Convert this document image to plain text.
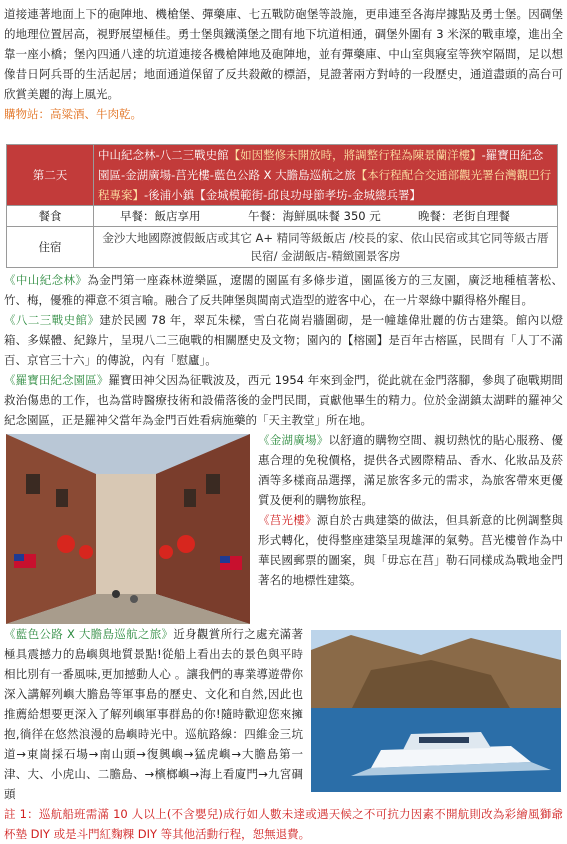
道接連著地面上下的砲陣地、機槍堡、彈藥庫、七五戰防砲堡等設施，更串連至各海岸據點及勇士堡。因碉堡的地理位置居高，視野展望極佳。勇士堡與鐵漢堡之間有地下坑道相通，碉堡外圍有 3 米深的戰車壕，進出全靠一座小橋；堡內四通八達的坑道連接各機槍陣地及砲陣地，並有彈藥庫、中山室與寢室等狹窄隔間，足以想像昔日阿兵哥的生活起居；地面通道保留了反共殺敵的標語，見證著兩方對峙的一段歷史，通道盡頭的高台可欣賞美麗的海上風光。

購物站：高粱酒、牛肉乾。

第二天	中山紀念林-八二三戰史館【如因整修未開放時，將調整行程為陳景蘭洋樓】-羅寶田紀念園區-金湖廣場-莒光樓-藍色公路 X 大膽島巡航之旅【本行程配合交通部觀光署台灣觀巴行程專案】-後浦小鎮【金城模範街-邱良功母節孝坊-金城總兵署】
餐食	早餐：飯店享用 午餐：海鮮風味餐 350 元 晚餐：老街自理餐
住宿	金沙大地國際渡假飯店或其它 A+ 精同等級飯店 /校長的家、依山民宿或其它同等級古厝
民宿/ 金湖飯店-精緻園景客房

《中山紀念林》為金門第一座森林遊樂區，遼闊的園區有多條步道，園區後方的三友園，廣泛地種植著松、竹、梅，優雅的禪意不須言喻。融合了反共陣堡與閩南式造型的遊客中心，在一片翠綠中顯得格外醒目。

《八二三戰史館》建於民國 78 年，翠瓦朱樑，雪白花崗岩牆圍砌，是一幢雄偉壯麗的仿古建築。館內以燈箱、多媒體、紀錄片，呈現八二三砲戰的相關歷史及文物；園內的【榕園】是百年古榕區，民間有「人丁不滿百、京官三十六」的傳說，內有「慰廬」。

《羅寶田紀念園區》羅寶田神父因為征戰波及，西元 1954 年來到金門，從此就在金門落腳，參與了砲戰期間救治傷患的工作，也為當時醫療技術和設備落後的金門民間，貢獻他畢生的精力。位於金湖鎮太湖畔的羅神父紀念園區，正是羅神父當年為金門百姓看病施藥的「天主教堂」所在地。

《金湖廣場》以舒適的購物空間、親切熱忱的貼心服務、優惠合理的免稅價格，提供各式國際精品、香水、化妝品及菸酒等多樣商品選擇，滿足旅客多元的需求，為旅客帶來更優質及便利的購物旅程。

《莒光樓》源自於古典建築的做法，但具新意的比例調整與形式轉化，使得整座建築呈現雄渾的氣勢。莒光樓曾作為中華民國郵票的圖案，與「毋忘在莒」勒石同樣成為戰地金門著名的地標性建築。

《藍色公路 X 大膽島巡航之旅》近身觀賞所行之處充滿著極具震撼力的島嶼與地質景點!從船上看出去的景色與平時相比別有一番風味,更加撼動人心 。讓我們的專業導遊帶你深入講解列嶼大膽島等軍事島的歷史、文化和自然,因此也推薦給想要更深入了解列嶼軍事群島的你!隨時歡迎您來擁抱,徜徉在悠然浪漫的島嶼時光中。巡航路線：四維金三坑道→東崗採石場→南山頭→復興嶼→猛虎嶼→大膽島第一津、大、小虎山、二膽島、→檳榔嶼→海上看廈門→九宮碉頭

註 1：巡航船班需滿 10 人以上(不含嬰兒)成行如人數未達或遇天候之不可抗力因素不開航則改為彩繪風獅爺杯墊 DIY 或是斗門紅麴粿 DIY 等其他活動行程，恕無退費。
